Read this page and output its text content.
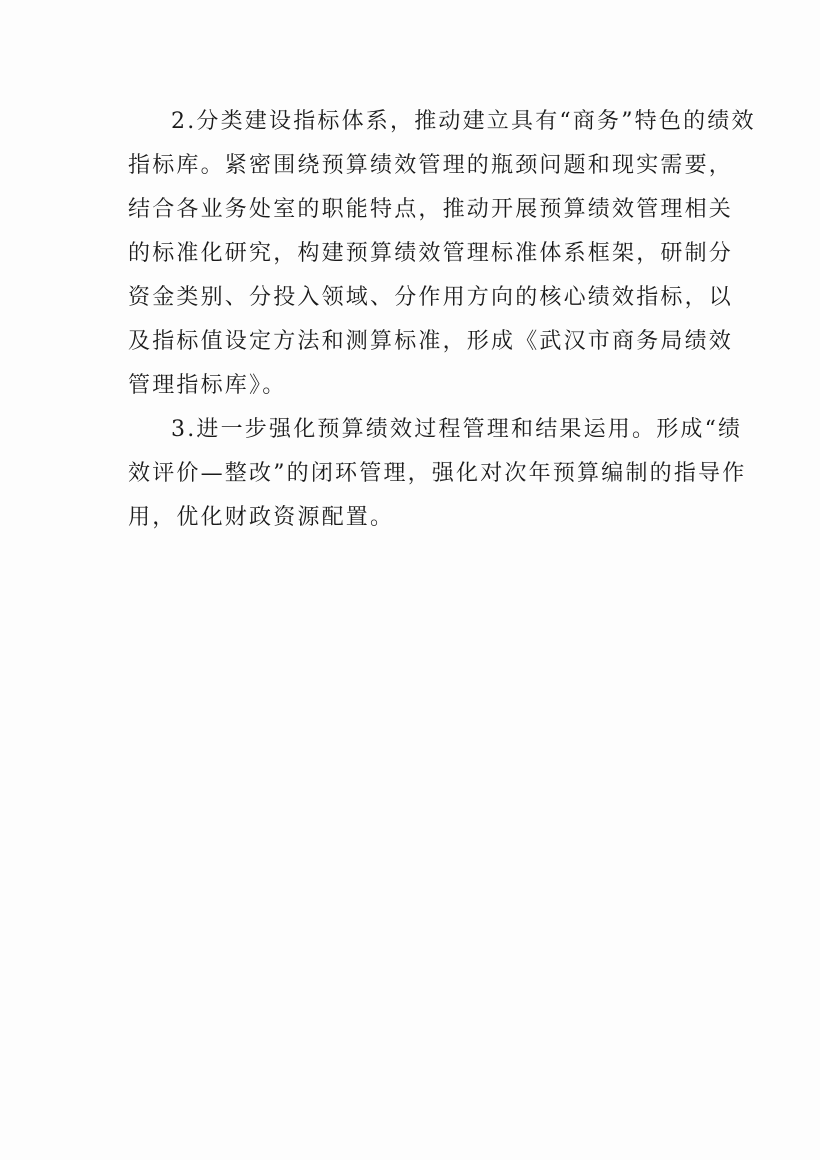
2.分类建设指标体系，推动建立具有“商务”特色的绩效
指标库。紧密围绕预算绩效管理的瓶颈问题和现实需要，
结合各业务处室的职能特点，推动开展预算绩效管理相关
的标准化研究，构建预算绩效管理标准体系框架，研制分
资金类别、分投入领域、分作用方向的核心绩效指标，以
及指标值设定方法和测算标准，形成《武汉市商务局绩效
管理指标库》。
3.进一步强化预算绩效过程管理和结果运用。形成“绩
效评价—整改”的闭环管理，强化对次年预算编制的指导作
用，优化财政资源配置。
